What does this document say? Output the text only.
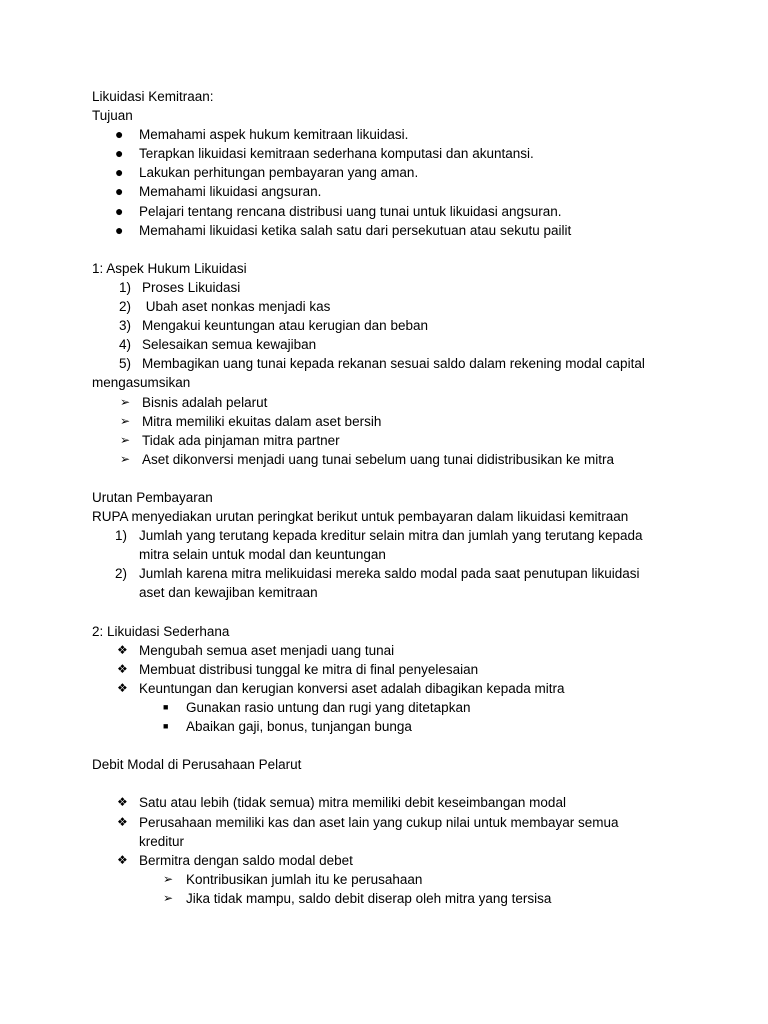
Likuidasi Kemitraan:
Tujuan
● Memahami aspek hukum kemitraan likuidasi.
● Terapkan likuidasi kemitraan sederhana komputasi dan akuntansi.
● Lakukan perhitungan pembayaran yang aman.
● Memahami likuidasi angsuran.
● Pelajari tentang rencana distribusi uang tunai untuk likuidasi angsuran.
● Memahami likuidasi ketika salah satu dari persekutuan atau sekutu pailit
1: Aspek Hukum Likuidasi
1) Proses Likuidasi
2) Ubah aset nonkas menjadi kas
3) Mengakui keuntungan atau kerugian dan beban
4) Selesaikan semua kewajiban
5) Membagikan uang tunai kepada rekanan sesuai saldo dalam rekening modal capital
mengasumsikan
➢ Bisnis adalah pelarut
➢ Mitra memiliki ekuitas dalam aset bersih
➢ Tidak ada pinjaman mitra partner
➢ Aset dikonversi menjadi uang tunai sebelum uang tunai didistribusikan ke mitra
Urutan Pembayaran
RUPA menyediakan urutan peringkat berikut untuk pembayaran dalam likuidasi kemitraan
1) Jumlah yang terutang kepada kreditur selain mitra dan jumlah yang terutang kepada
mitra selain untuk modal dan keuntungan
2) Jumlah karena mitra melikuidasi mereka saldo modal pada saat penutupan likuidasi
aset dan kewajiban kemitraan
2: Likuidasi Sederhana
❖ Mengubah semua aset menjadi uang tunai
❖ Membuat distribusi tunggal ke mitra di final penyelesaian
❖ Keuntungan dan kerugian konversi aset adalah dibagikan kepada mitra
■ Gunakan rasio untung dan rugi yang ditetapkan
■ Abaikan gaji, bonus, tunjangan bunga
Debit Modal di Perusahaan Pelarut
❖ Satu atau lebih (tidak semua) mitra memiliki debit keseimbangan modal
❖ Perusahaan memiliki kas dan aset lain yang cukup nilai untuk membayar semua
kreditur
❖ Bermitra dengan saldo modal debet
➢ Kontribusikan jumlah itu ke perusahaan
➢ Jika tidak mampu, saldo debit diserap oleh mitra yang tersisa
